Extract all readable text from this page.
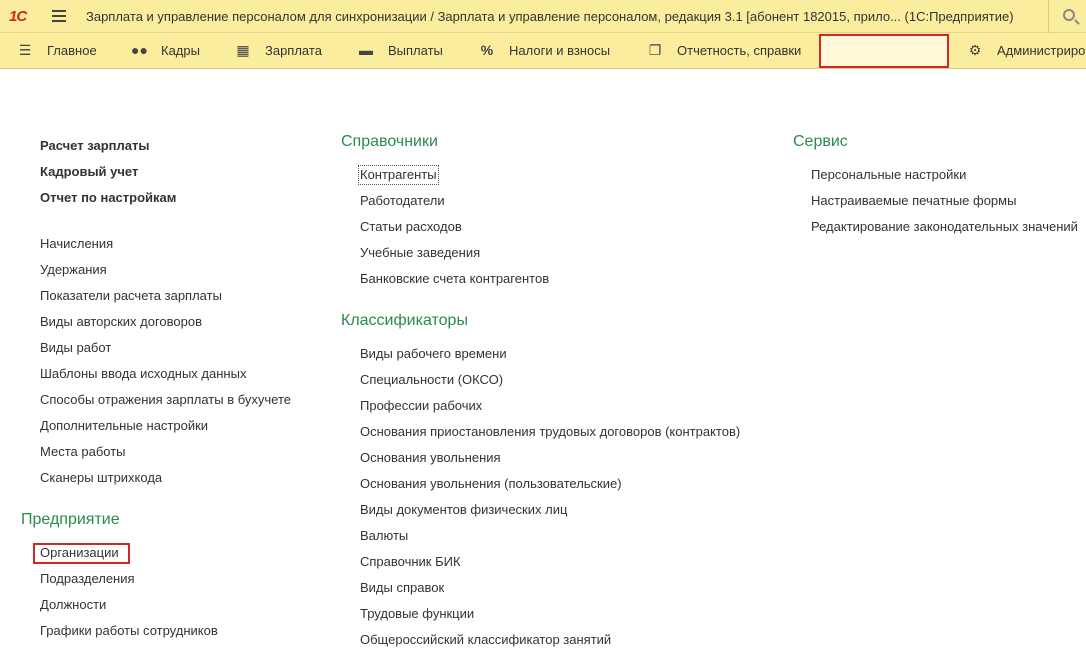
1С	Зарплата и управление персоналом для синхронизации / Зарплата и управление персоналом, редакция 3.1 [абонент 182015, прило... (1С:Предприятие)
☰ Главное ●● Кадры	▦ Зарплата	▬ Выплаты	% Налоги и взносы	❐ Отчетность, справки	⚙ Администриро
Расчет зарплаты
Кадровый учет
Отчет по настройкам
Начисления
Удержания
Показатели расчета зарплаты
Виды авторских договоров
Виды работ
Шаблоны ввода исходных данных
Способы отражения зарплаты в бухучете
Дополнительные настройки
Места работы
Сканеры штрихкода
Предприятие
Организации
Подразделения
Должности
Графики работы сотрудников
Справочники
Контрагенты
Работодатели
Статьи расходов
Учебные заведения
Банковские счета контрагентов
Классификаторы
Виды рабочего времени
Специальности (ОКСО)
Профессии рабочих
Основания приостановления трудовых договоров (контрактов)
Основания увольнения
Основания увольнения (пользовательские)
Виды документов физических лиц
Валюты
Справочник БИК
Виды справок
Трудовые функции
Общероссийский классификатор занятий
Сервис
Персональные настройки
Настраиваемые печатные формы
Редактирование законодательных значений
